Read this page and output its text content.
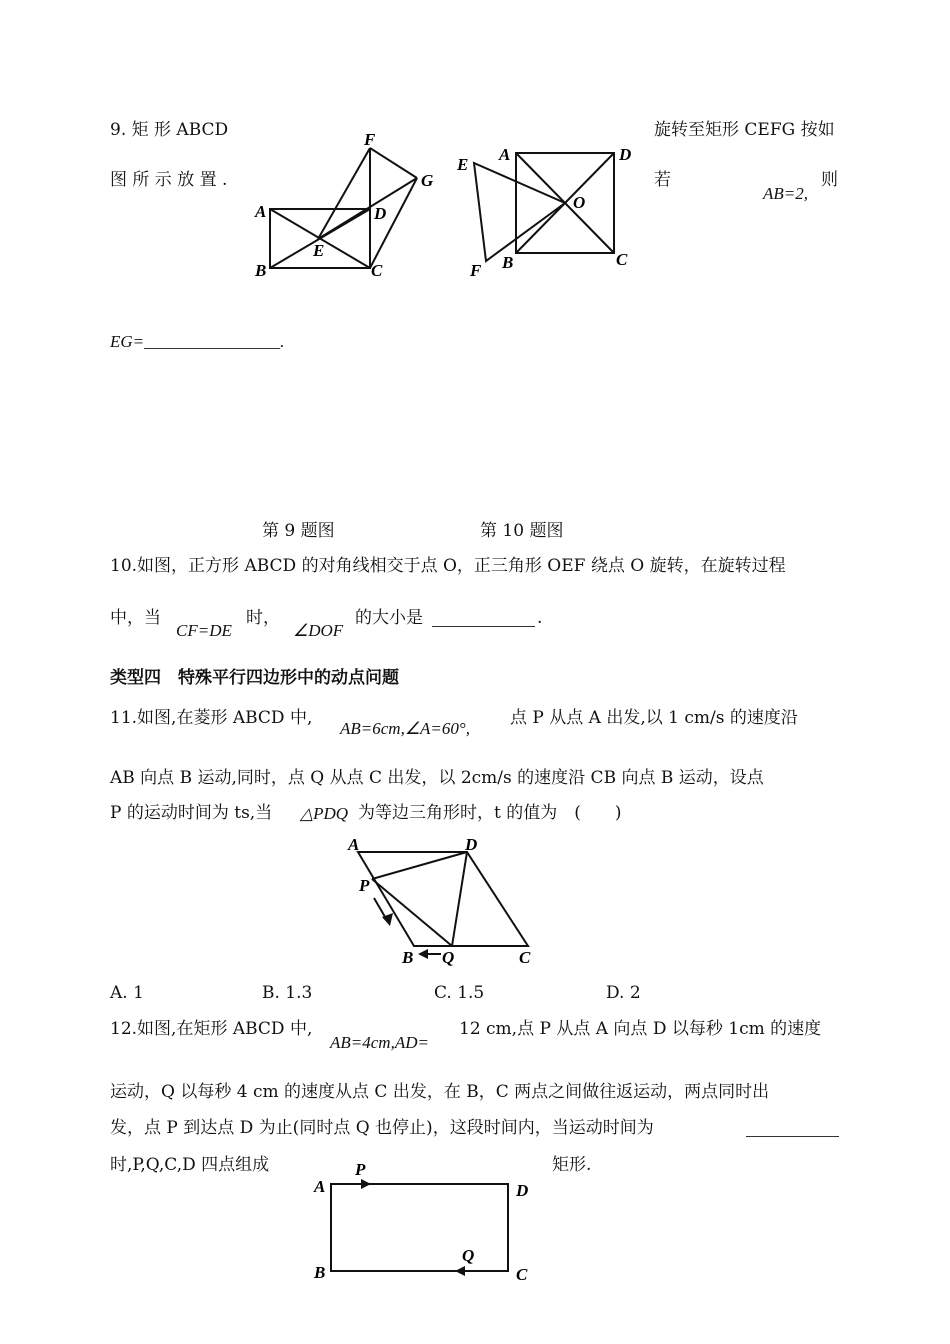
9. 矩 形 ABCD	旋转至矩形 CEFG 按如
图 所 示 放 置 .	若
AB=2,
则
EG=________________.
A
B	C
D
E
F
G
A
B	C
D
E
F
O
第 9 题图	第 10 题图
10.如图，正方形 ABCD 的对角线相交于点 O，正三角形 OEF 绕点 O 旋转，在旋转过程
中，当
CF=DE
时，
∠DOF
的大小是	.
类型四　特殊平行四边形中的动点问题
11.如图,在菱形 ABCD 中,
AB=6cm,∠A=60°,
点 P 从点 A 出发,以 1 cm/s 的速度沿
AB 向点 B 运动,同时，点 Q 从点 C 出发，以 2cm/s 的速度沿 CB 向点 B 运动，设点
P 的运动时间为 ts,当 △PDQ 为等边三角形时，t 的值为　(　　)
A	D
P
B Q	C
A. 1	B. 1.3	C. 1.5	D. 2
12.如图,在矩形 ABCD 中,
AB=4cm,AD=
12 cm,点 P 从点 A 向点 D 以每秒 1cm 的速度
运动，Q 以每秒 4 cm 的速度从点 C 出发，在 B，C 两点之间做往返运动，两点同时出
发，点 P 到达点 D 为止(同时点 Q 也停止)，这段时间内，当运动时间为
时,P,Q,C,D 四点组成	矩形.
A
P
D
B
Q
C
